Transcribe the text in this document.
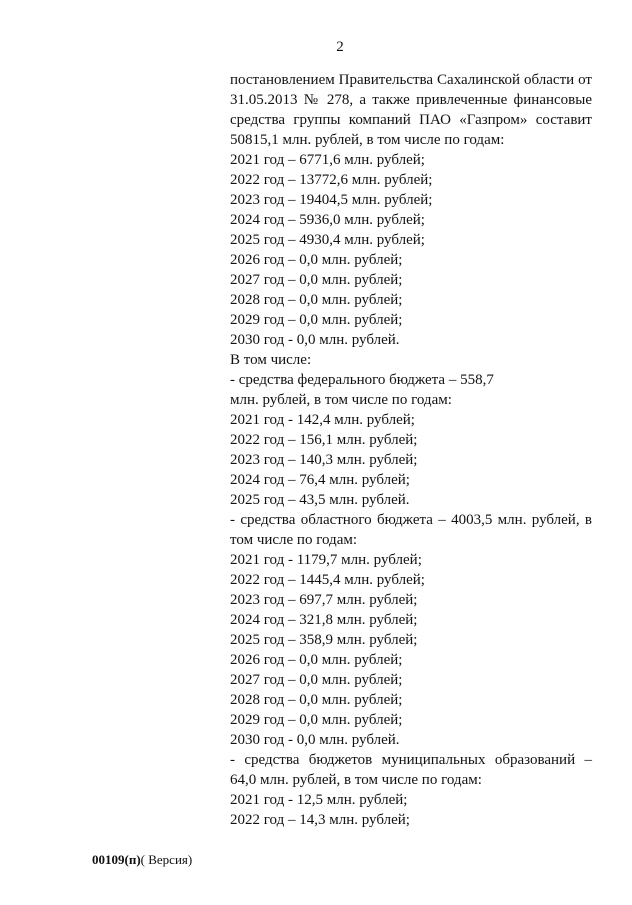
2
постановлением Правительства Сахалинской области от 31.05.2013 № 278, а также привлеченные финансовые средства группы компаний ПАО «Газпром» составит 50815,1 млн. рублей, в том числе по годам:
2021 год – 6771,6 млн. рублей;
2022 год – 13772,6 млн. рублей;
2023 год – 19404,5 млн. рублей;
2024 год – 5936,0 млн. рублей;
2025 год – 4930,4 млн. рублей;
2026 год – 0,0 млн. рублей;
2027 год – 0,0 млн. рублей;
2028 год – 0,0 млн. рублей;
2029 год – 0,0 млн. рублей;
2030 год - 0,0 млн. рублей.
В том числе:
- средства федерального бюджета – 558,7 млн. рублей, в том числе по годам:
2021 год - 142,4 млн. рублей;
2022 год – 156,1 млн. рублей;
2023 год – 140,3 млн. рублей;
2024 год – 76,4 млн. рублей;
2025 год – 43,5 млн. рублей.
- средства областного бюджета – 4003,5 млн. рублей, в том числе по годам:
2021 год - 1179,7 млн. рублей;
2022 год – 1445,4 млн. рублей;
2023 год – 697,7 млн. рублей;
2024 год – 321,8 млн. рублей;
2025 год – 358,9 млн. рублей;
2026 год – 0,0 млн. рублей;
2027 год – 0,0 млн. рублей;
2028 год – 0,0 млн. рублей;
2029 год – 0,0 млн. рублей;
2030 год - 0,0 млн. рублей.
- средства бюджетов муниципальных образований – 64,0 млн. рублей, в том числе по годам:
2021 год - 12,5 млн. рублей;
2022 год – 14,3 млн. рублей;
00109(п)( Версия)
